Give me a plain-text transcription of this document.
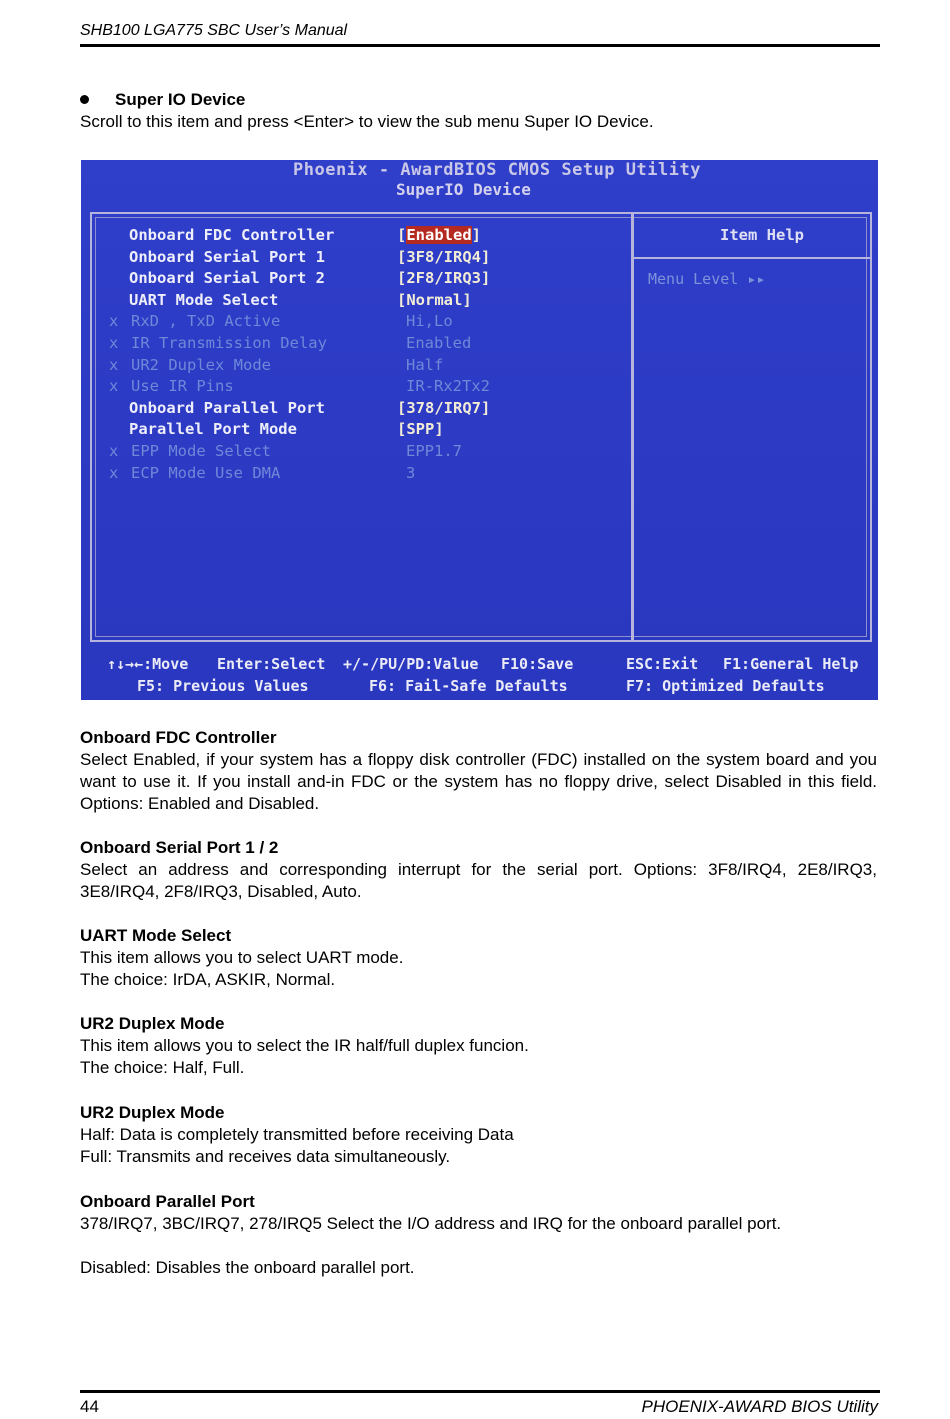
SHB100 LGA775 SBC User’s Manual
Super IO Device
Scroll to this item and press <Enter> to view the sub menu Super IO Device.
Phoenix - AwardBIOS CMOS Setup Utility
SuperIO Device
Onboard FDC Controller	[Enabled]
Onboard Serial Port 1	[3F8/IRQ4]
Onboard Serial Port 2	[2F8/IRQ3]
UART Mode Select	[Normal]
x RxD , TxD Active	Hi,Lo
x IR Transmission Delay	Enabled
x UR2 Duplex Mode	Half
x Use IR Pins	IR-Rx2Tx2
Onboard Parallel Port	[378/IRQ7]
Parallel Port Mode	[SPP]
x EPP Mode Select	EPP1.7
x ECP Mode Use DMA	3
Item Help
Menu Level ▸▸
↑↓→←:Move Enter:Select +/-/PU/PD:Value F10:Save	ESC:Exit F1:General Help
F5: Previous Values	F6: Fail-Safe Defaults	F7: Optimized Defaults
Onboard FDC Controller
Select Enabled, if your system has a floppy disk controller (FDC) installed on the system board and you want to use it. If you install and-in FDC or the system has no floppy drive, select Disabled in this field. Options: Enabled and Disabled.
Onboard Serial Port 1 / 2
Select an address and corresponding interrupt for the serial port. Options: 3F8/IRQ4, 2E8/IRQ3, 3E8/IRQ4, 2F8/IRQ3, Disabled, Auto.
UART Mode Select
This item allows you to select UART mode.
The choice: IrDA, ASKIR, Normal.
UR2 Duplex Mode
This item allows you to select the IR half/full duplex funcion.
The choice: Half, Full.
UR2 Duplex Mode
Half: Data is completely transmitted before receiving Data
Full: Transmits and receives data simultaneously.
Onboard Parallel Port
378/IRQ7, 3BC/IRQ7, 278/IRQ5 Select the I/O address and IRQ for the onboard parallel port.
Disabled: Disables the onboard parallel port.
44	PHOENIX-AWARD BIOS Utility
